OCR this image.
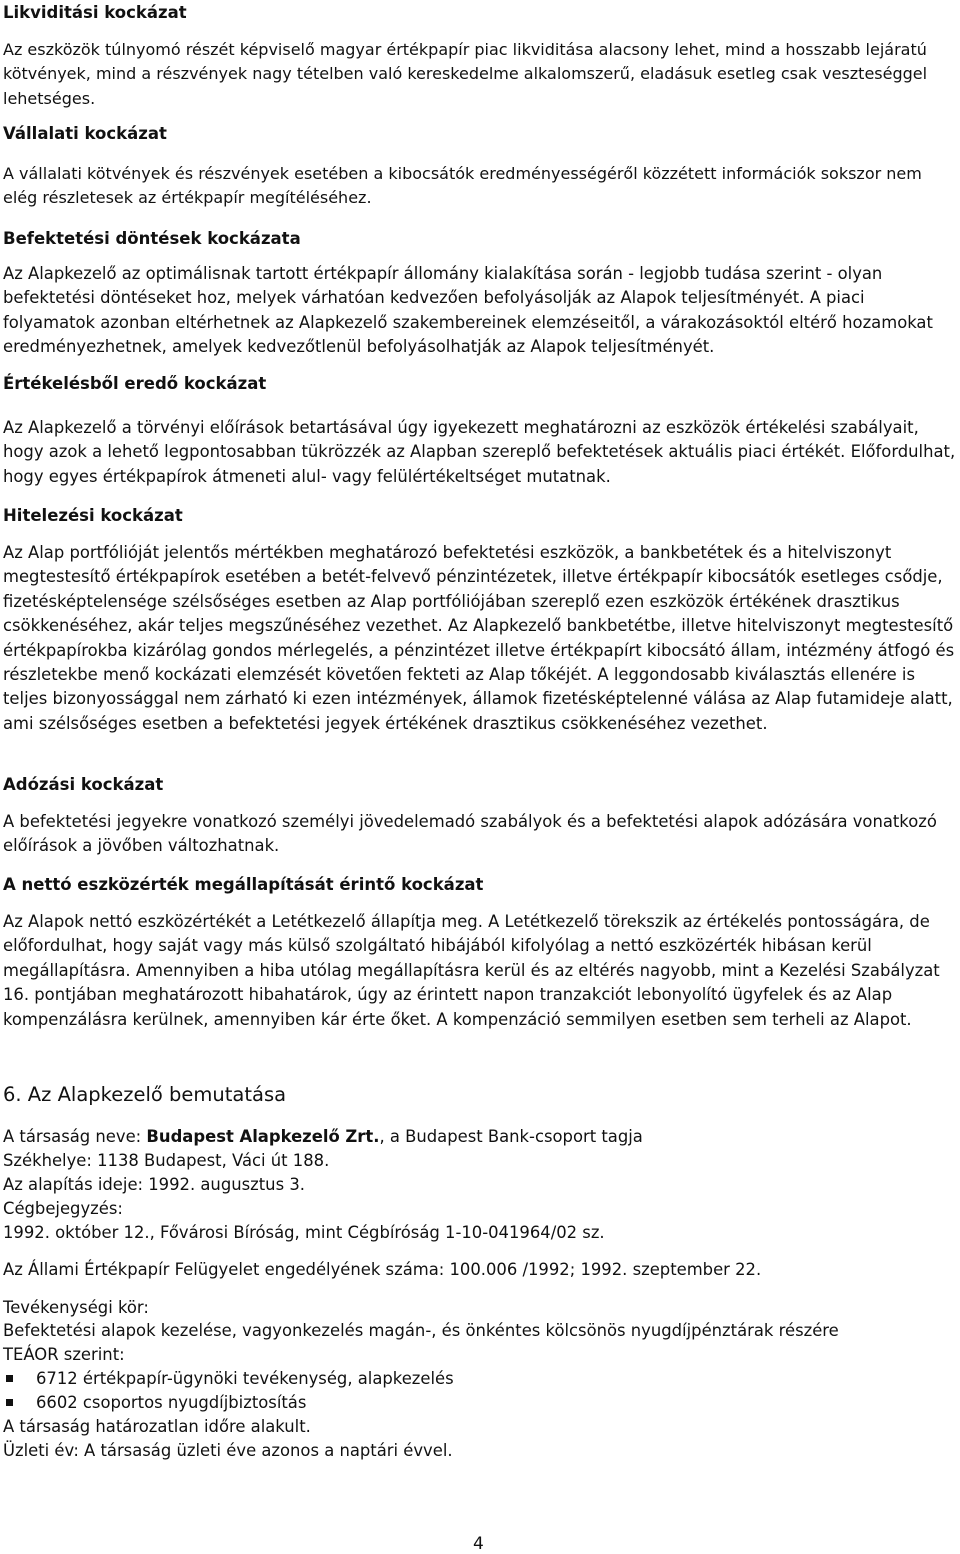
Likviditási kockázat

Az eszközök túlnyomó részét képviselő magyar értékpapír piac likviditása alacsony lehet, mind a hosszabb lejáratú kötvények, mind a részvények nagy tételben való kereskedelme alkalomszerű, eladásuk esetleg csak veszteséggel lehetséges.

Vállalati kockázat

A vállalati kötvények és részvények esetében a kibocsátók eredményességéről közzétett információk sokszor nem elég részletesek az értékpapír megítéléséhez.

Befektetési döntések kockázata

Az Alapkezelő az optimálisnak tartott értékpapír állomány kialakítása során - legjobb tudása szerint - olyan befektetési döntéseket hoz, melyek várhatóan kedvezően befolyásolják az Alapok teljesítményét. A piaci folyamatok azonban eltérhetnek az Alapkezelő szakembereinek elemzéseitől, a várakozásoktól eltérő hozamokat eredményezhetnek, amelyek kedvezőtlenül befolyásolhatják az Alapok teljesítményét.

Értékelésből eredő kockázat

Az Alapkezelő a törvényi előírások betartásával úgy igyekezett meghatározni az eszközök értékelési szabályait, hogy azok a lehető legpontosabban tükrözzék az Alapban szereplő befektetések aktuális piaci értékét. Előfordulhat, hogy egyes értékpapírok átmeneti alul- vagy felülértékeltséget mutatnak.

Hitelezési kockázat

Az Alap portfólióját jelentős mértékben meghatározó befektetési eszközök, a bankbetétek és a hitelviszonyt megtestesítő értékpapírok esetében a betét-felvevő pénzintézetek, illetve értékpapír kibocsátók esetleges csődje, fizetésképtelensége szélsőséges esetben az Alap portfóliójában szereplő ezen eszközök értékének drasztikus csökkenéséhez, akár teljes megszűnéséhez vezethet. Az Alapkezelő bankbetétbe, illetve hitelviszonyt megtestesítő értékpapírokba kizárólag gondos mérlegelés, a pénzintézet illetve értékpapírt kibocsátó állam, intézmény átfogó és részletekbe menő kockázati elemzését követően fekteti az Alap tőkéjét. A leggondosabb kiválasztás ellenére is teljes bizonyossággal nem zárható ki ezen intézmények, államok fizetésképtelenné válása az Alap futamideje alatt, ami szélsőséges esetben a befektetési jegyek értékének drasztikus csökkenéséhez vezethet.

Adózási kockázat

A befektetési jegyekre vonatkozó személyi jövedelemadó szabályok és a befektetési alapok adózására vonatkozó előírások a jövőben változhatnak.

A nettó eszközérték megállapítását érintő kockázat

Az Alapok nettó eszközértékét a Letétkezelő állapítja meg. A Letétkezelő törekszik az értékelés pontosságára, de előfordulhat, hogy saját vagy más külső szolgáltató hibájából kifolyólag a nettó eszközérték hibásan kerül megállapításra. Amennyiben a hiba utólag megállapításra kerül és az eltérés nagyobb, mint a Kezelési Szabályzat 16. pontjában meghatározott hibahatárok, úgy az érintett napon tranzakciót lebonyolító ügyfelek és az Alap kompenzálásra kerülnek, amennyiben kár érte őket. A kompenzáció semmilyen esetben sem terheli az Alapot.

6. Az Alapkezelő bemutatása
A társaság neve: Budapest Alapkezelő Zrt., a Budapest Bank-csoport tagja
Székhelye: 1138 Budapest, Váci út 188.
Az alapítás ideje: 1992. augusztus 3.
Cégbejegyzés:
1992. október 12., Fővárosi Bíróság, mint Cégbíróság 1-10-041964/02 sz.
Az Állami Értékpapír Felügyelet engedélyének száma: 100.006 /1992; 1992. szeptember 22.
Tevékenységi kör:
Befektetési alapok kezelése, vagyonkezelés magán-, és önkéntes kölcsönös nyugdíjpénztárak részére
TEÁOR szerint:
6712 értékpapír-ügynöki tevékenység, alapkezelés
6602 csoportos nyugdíjbiztosítás
A társaság határozatlan időre alakult.
Üzleti év: A társaság üzleti éve azonos a naptári évvel.
4
